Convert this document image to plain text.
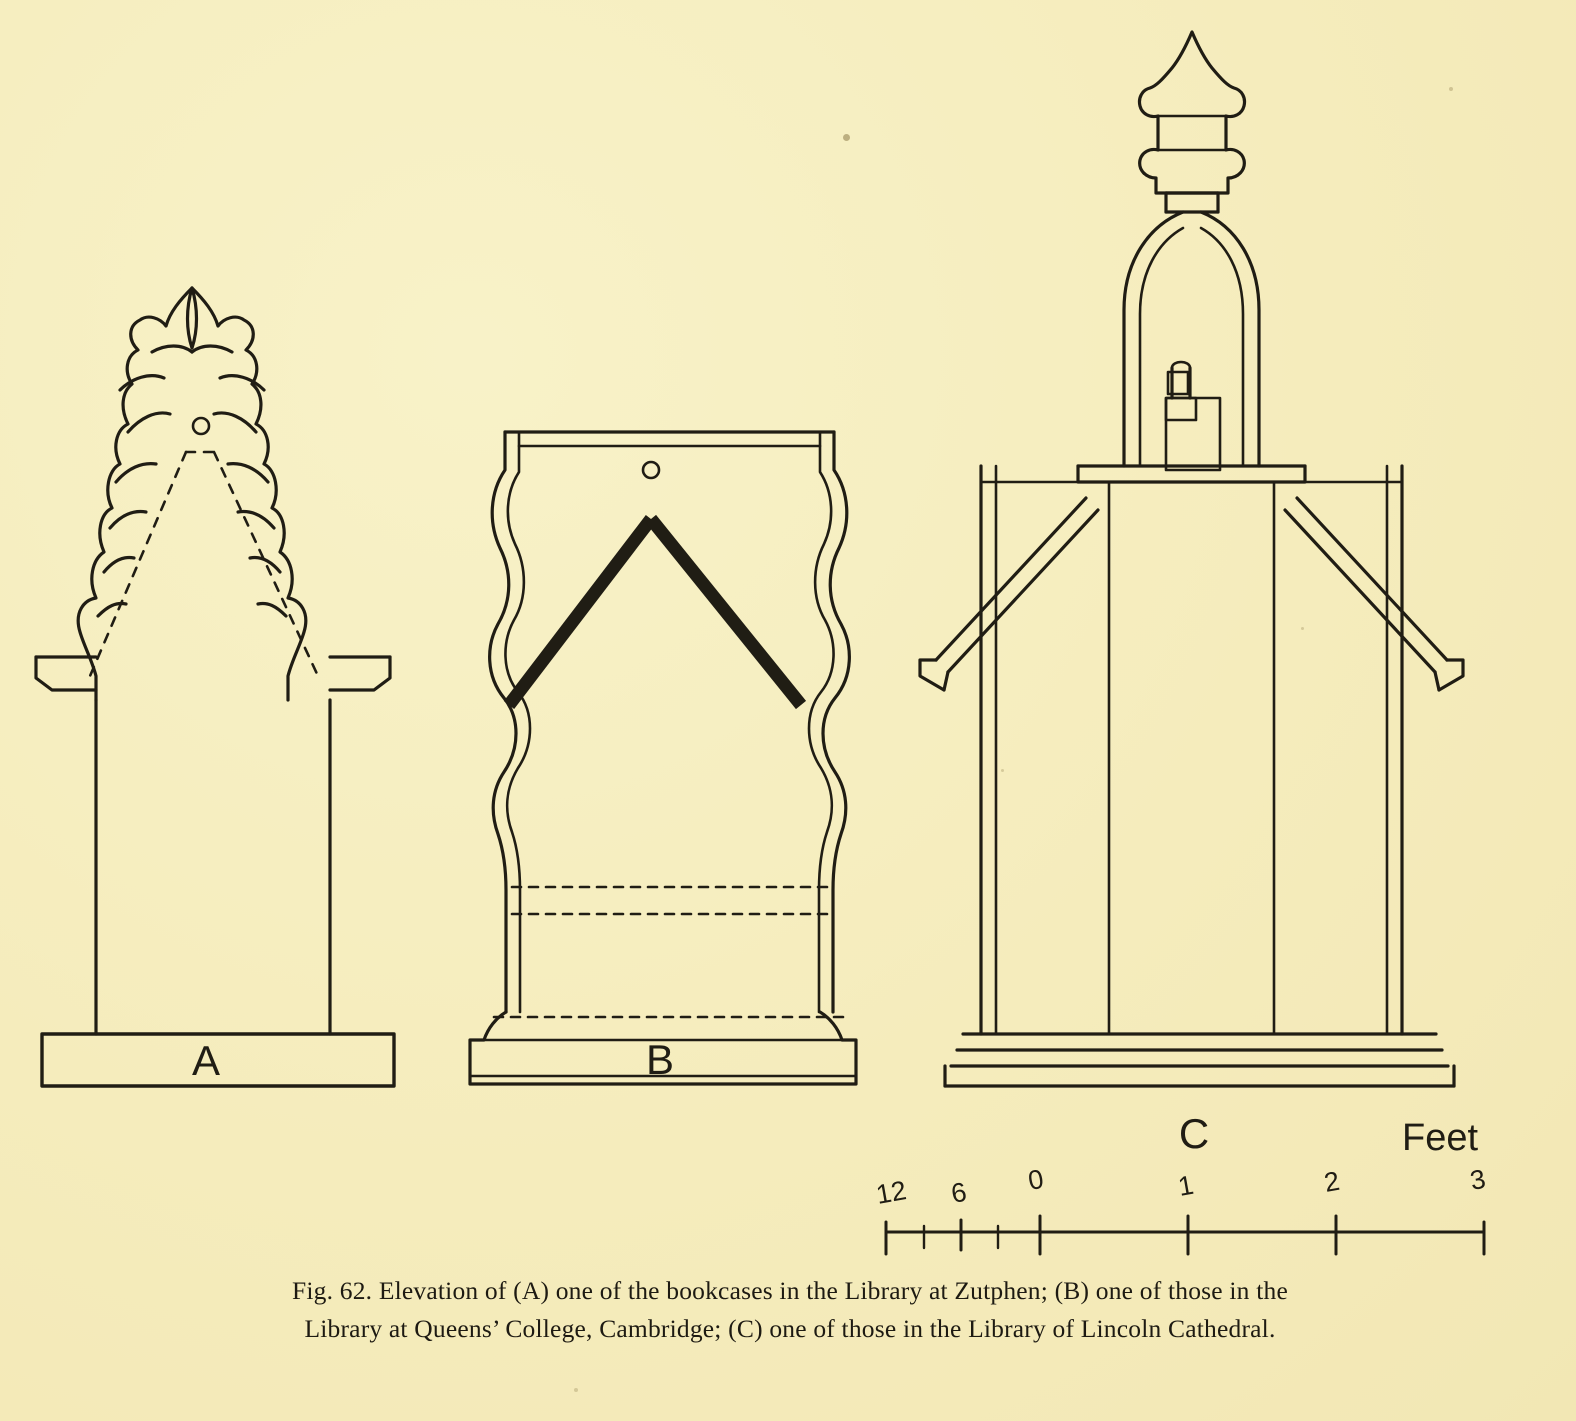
A	B
C
12 6 0	1	2	3
Feet
Fig. 62. Elevation of (A) one of the bookcases in the Library at Zutphen; (B) one of those in the
Library at Queens’ College, Cambridge; (C) one of those in the Library of Lincoln Cathedral.
